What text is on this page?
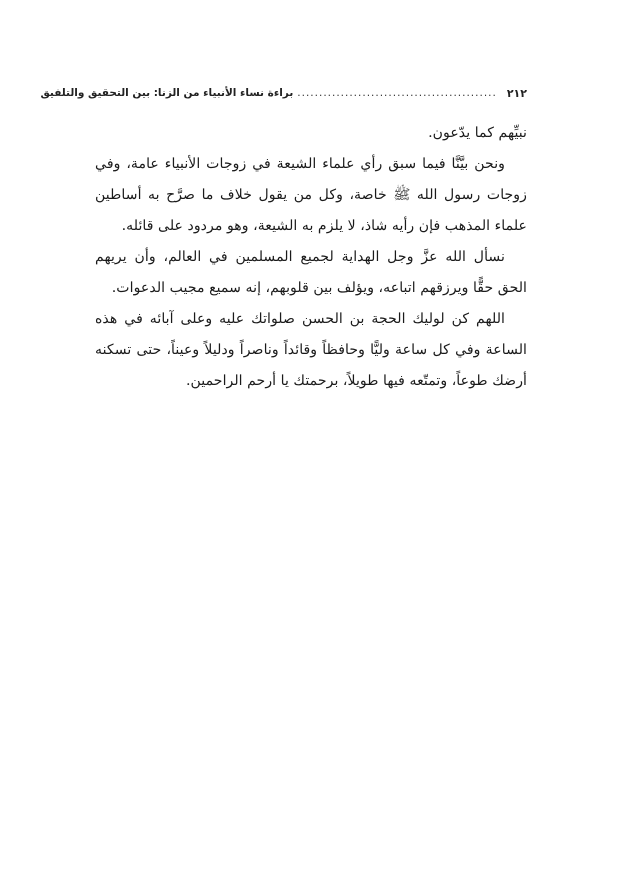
٢١٢
..............................................
براءة نساء الأنبياء من الزنا: بين التحقيق والتلفيق

نبيِّهم كما يدّعون.

ونحن بيَّنَّا فيما سبق رأي علماء الشيعة في زوجات الأنبياء عامة، وفي زوجات رسول الله ﷺ خاصة، وكل من يقول خلاف ما صرَّح به أساطين علماء المذهب فإن رأيه شاذ، لا يلزم به الشيعة، وهو مردود على قائله.

نسأل الله عزَّ وجل الهداية لجميع المسلمين في العالم، وأن يريهم الحق حقًّا ويرزقهم اتباعه، ويؤلف بين قلوبهم، إنه سميع مجيب الدعوات.

اللهم كن لوليك الحجة بن الحسن صلواتك عليه وعلى آبائه في هذه الساعة وفي كل ساعة وليًّا وحافظاً وقائداً وناصراً ودليلاً وعيناً، حتى تسكنه أرضك طوعاً، وتمتّعه فيها طويلاً، برحمتك يا أرحم الراحمين.
